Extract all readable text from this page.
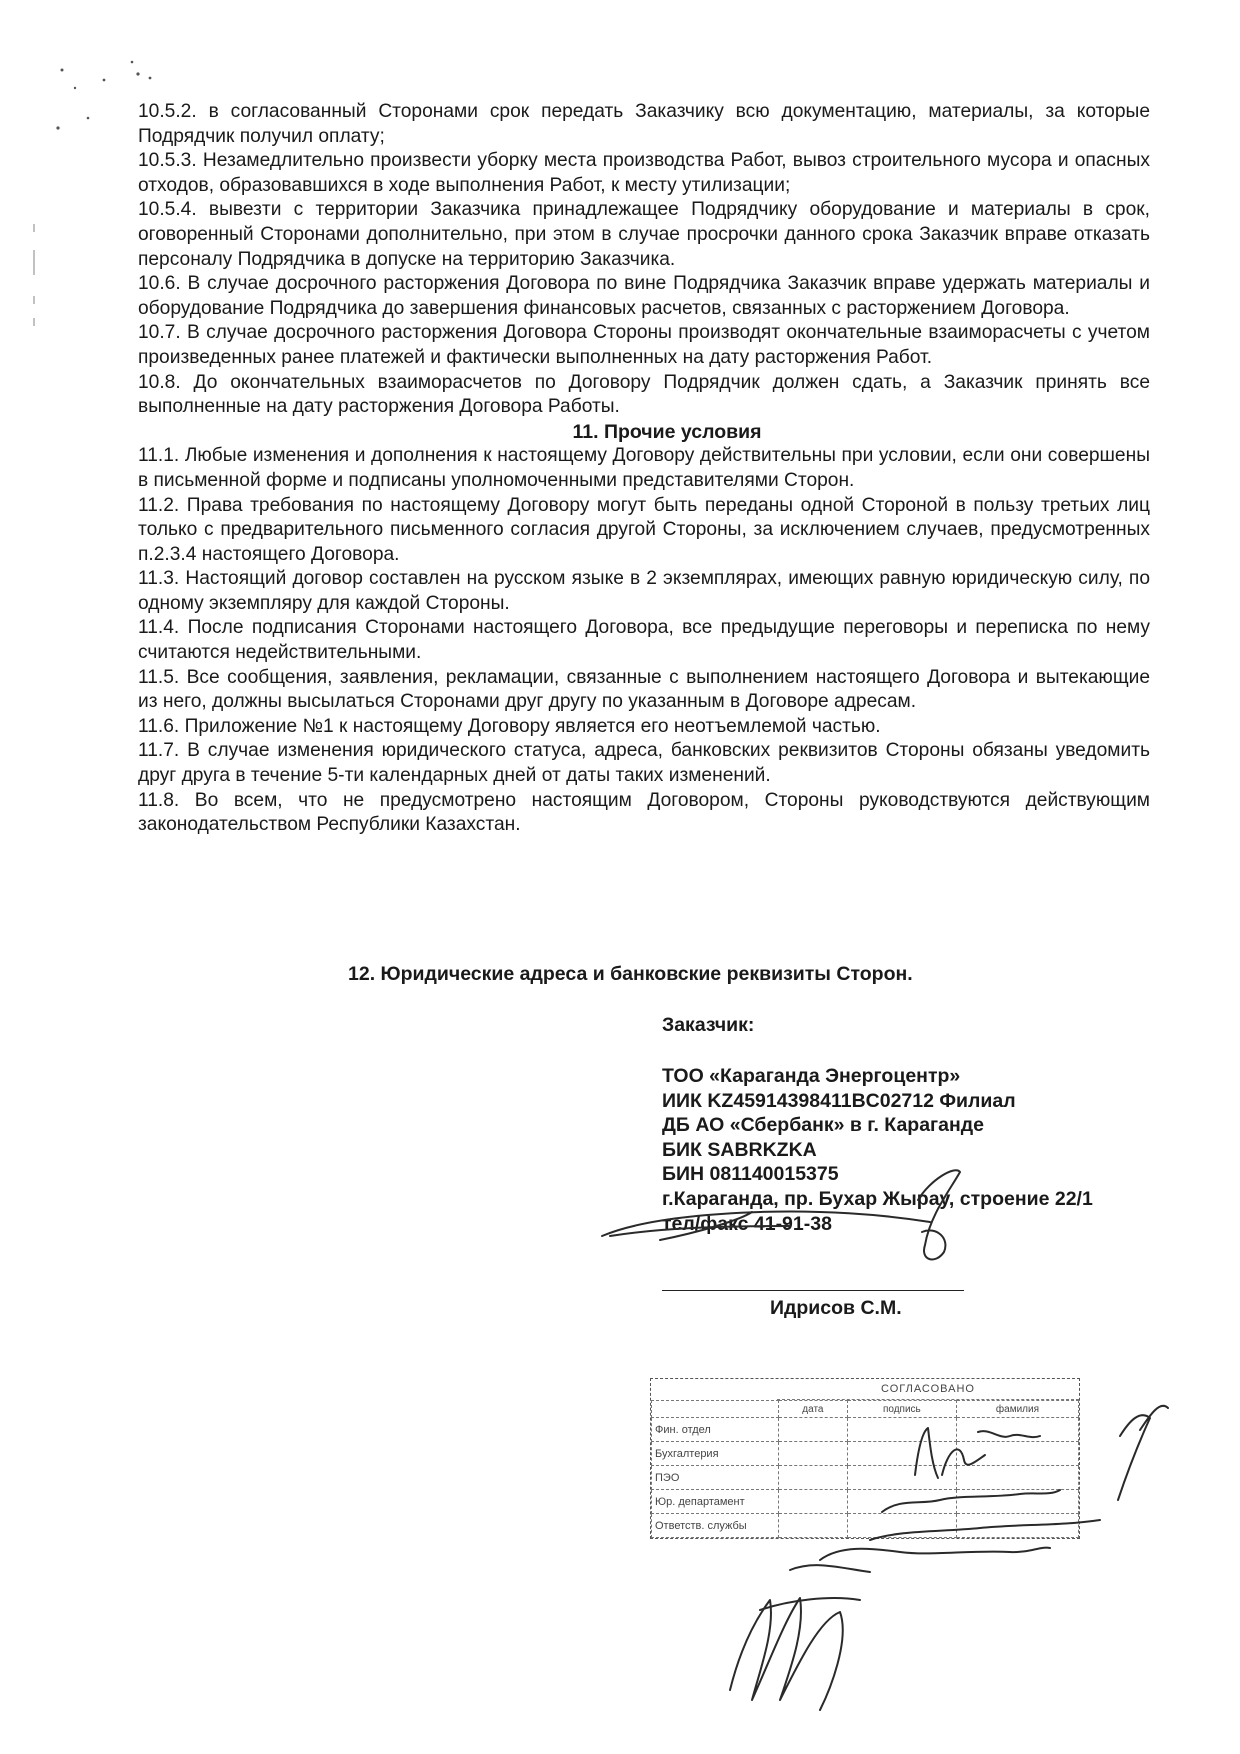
10.5.2. в согласованный Сторонами срок передать Заказчику всю документацию, материалы, за которые Подрядчик получил оплату;

10.5.3. Незамедлительно произвести уборку места производства Работ, вывоз строительного мусора и опасных отходов, образовавшихся в ходе выполнения Работ, к месту утилизации;

10.5.4. вывезти с территории Заказчика принадлежащее Подрядчику оборудование и материалы в срок, оговоренный Сторонами дополнительно, при этом в случае просрочки данного срока Заказчик вправе отказать персоналу Подрядчика в допуске на территорию Заказчика.

10.6. В случае досрочного расторжения Договора по вине Подрядчика Заказчик вправе удержать материалы и оборудование Подрядчика до завершения финансовых расчетов, связанных с расторжением Договора.

10.7. В случае досрочного расторжения Договора Стороны производят окончательные взаиморасчеты с учетом произведенных ранее платежей и фактически выполненных на дату расторжения Работ.

10.8. До окончательных взаиморасчетов по Договору Подрядчик должен сдать, а Заказчик принять все выполненные на дату расторжения Договора Работы.

11. Прочие условия

11.1. Любые изменения и дополнения к настоящему Договору действительны при условии, если они совершены в письменной форме и подписаны уполномоченными представителями Сторон.

11.2. Права требования по настоящему Договору могут быть переданы одной Стороной в пользу третьих лиц только с предварительного письменного согласия другой Стороны, за исключением случаев, предусмотренных п.2.3.4 настоящего Договора.

11.3. Настоящий договор составлен на русском языке в 2 экземплярах, имеющих равную юридическую силу, по одному экземпляру для каждой Стороны.

11.4. После подписания Сторонами настоящего Договора, все предыдущие переговоры и переписка по нему считаются недействительными.

11.5. Все сообщения, заявления, рекламации, связанные с выполнением настоящего Договора и вытекающие из него, должны высылаться Сторонами друг другу по указанным в Договоре адресам.

11.6. Приложение №1 к настоящему Договору является его неотъемлемой частью.

11.7. В случае изменения юридического статуса, адреса, банковских реквизитов Стороны обязаны уведомить друг друга в течение 5-ти календарных дней от даты таких изменений.

11.8. Во всем, что не предусмотрено настоящим Договором, Стороны руководствуются действующим законодательством Республики Казахстан.

12. Юридические адреса и банковские реквизиты Сторон.
Заказчик:
ТОО «Караганда Энергоцентр»
ИИК KZ45914398411BC02712 Филиал
ДБ АО «Сбербанк» в г. Караганде
БИК SABRKZKA
БИН 081140015375
г.Караганда, пр. Бухар Жырау, строение 22/1
тел/факс 41-91-38
Идрисов С.М.
СОГЛАСОВАНО
	дата	подпись	фамилия
Фин. отдел			
Бухгалтерия			
ПЭО			
Юр. департамент			
Ответств. службы			
